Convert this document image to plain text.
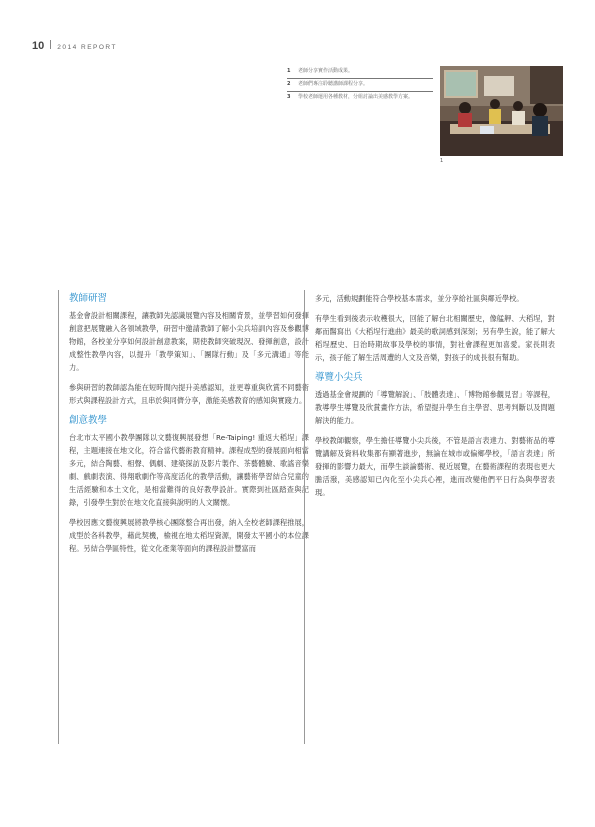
10 2014 REPORT
1	老師分享實作活動成果。
2	老師們專注聆聽講師課程分享。
3	學校老師運用各種教材，分組討論出美感教學方案。
1
教師研習

基金會設計相關課程，讓教師先認識展覽內容及相關背景，並學習如何發揮創意把展覽融入各領域教學，研習中邀請教師了解小尖兵培訓內容及參觀博物館，各校並分享如何設計創意教案，期使教師突破現況、發揮創意，設計成整性教學內容，以提升「教學策知」、「團隊行動」及「多元溝通」等能力。

參與研習的教師認為能在短時間內提升美感認知，並更尊重與欣賞不同藝術形式與課程設計方式，且串於與同儕分享，激能美感教育的感知與實踐力。

創意教學

台北市太平國小教學團隊以文藝復興展發想「Re-Taiping! 重返大稻埕」課程，主題連接在地文化，符合當代藝術教育精神。課程成型的發展面向相當多元，結合陶藝、相聲、偶劇、建築探訪及影片製作、茶藝體驗、歌謠音樂劇、戲劇表演、得翔歌劇作等高度活化的教學活動，讓藝術學習結合兒童的生活經驗和本土文化，是相當難得的良好教學設計。實際到社區踏查與記錄，引發學生對於在地文化直接與說明的人文關懷。

學校因應文藝復興展將教學核心團隊整合再出發，納入全校老師課程推展，成型於各科教學，藉此契機，檢視在地太稻埕資源，開發太平國小的本位課程。另結合學區特性，從文化產業等面向的課程設計豐富而

多元，活動規劃能符合學校基本需求，並分享給社區與鄰近學校。

有學生看到後表示收穫很大，回能了解台北相關歷史，像艋舺、大稻埕，對鄰而醫寫出《大稻埕行進曲》最美的歌詞感到深刻；另有學生說，能了解大稻埕歷史、日治時期故事及學校的事情，對社會課程更加喜愛。家長則表示，孩子能了解生活周遭的人文及音樂，對孩子的成長很有幫助。

導覽小尖兵

透過基金會規劃的「導覽解說」、「肢體表達」、「博物館參觀見習」等課程，教導學生導覽及欣賞畫作方法，希望提升學生自主學習、思考判斷以及問題解決的能力。

學校教師觀察，學生擔任導覽小尖兵後，不管是語言表達力、對藝術品的導覽講解及資料收集都有顯著進步，無論在城市或偏鄉學校，「語言表達」所發揮的影響力最大，而學生談論藝術、視近展覽，在藝術課程的表現也更大膽活潑，美感認知已內化至小尖兵心裡，進而改變他們平日行為與學習表現。
